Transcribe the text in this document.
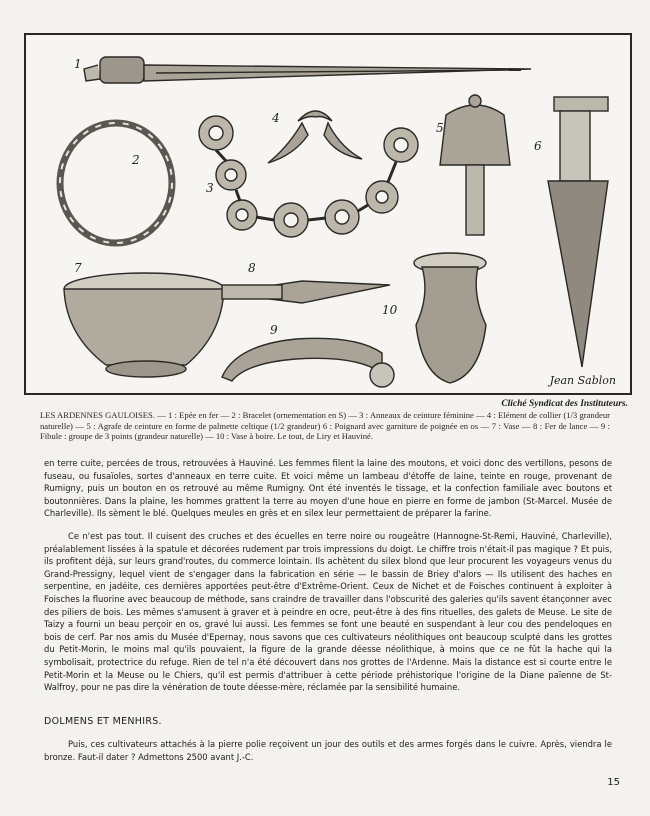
1
2
3
4
5
6
7	8
9
10
Jean Sablon
Cliché Syndicat des Instituteurs.
LES ARDENNES GAULOISES. — 1 : Epée en fer — 2 : Bracelet (ornementation en S) — 3 : Anneaux de ceinture féminine — 4 : Elément de collier (1/3 grandeur naturelle) — 5 : Agrafe de ceinture en forme de palmette celtique (1/2 grandeur) 6 : Poignard avec garniture de poignée en os — 7 : Vase — 8 : Fer de lance — 9 : Fibule : groupe de 3 points (grandeur naturelle) — 10 : Vase à boire. Le tout, de Liry et Hauviné.

en terre cuite, percées de trous, retrouvées à Hauviné. Les femmes filent la laine des moutons, et voici donc des vertillons, pesons de fuseau, ou fusaïoles, sortes d'anneaux en terre cuite. Et voici même un lambeau d'étoffe de laine, teinte en rouge, provenant de Rumigny, puis un bouton en os retrouvé au même Rumigny. Ont été inventés le tissage, et la confection familiale avec boutons et boutonnières. Dans la plaine, les hommes grattent la terre au moyen d'une houe en pierre en forme de jambon (St-Marcel. Musée de Charleville). Ils sèment le blé. Quelques meules en grès et en silex leur permettaient de préparer la farine.

Ce n'est pas tout. Il cuisent des cruches et des écuelles en terre noire ou rougeâtre (Hannogne-St-Remi, Hauviné, Charleville), préalablement lissées à la spatule et décorées rudement par trois impressions du doigt. Le chiffre trois n'était-il pas magique ? Et puis, ils profitent déjà, sur leurs grand'routes, du commerce lointain. Ils achètent du silex blond que leur procurent les voyageurs venus du Grand-Pressigny, lequel vient de s'engager dans la fabrication en série — le bassin de Briey d'alors — Ils utilisent des haches en serpentine, en jadéite, ces dernières apportées peut-être d'Extrême-Orient. Ceux de Nichet et de Foisches continuent à exploiter à Foisches la fluorine avec beaucoup de méthode, sans craindre de travailler dans l'obscurité des galeries qu'ils savent étançonner avec des piliers de bois. Les mêmes s'amusent à graver et à peindre en ocre, peut-être à des fins rituelles, des galets de Meuse. Le site de Taizy a fourni un beau perçoir en os, gravé lui aussi. Les femmes se font une beauté en suspendant à leur cou des pendeloques en bois de cerf. Par nos amis du Musée d'Epernay, nous savons que ces cultivateurs néolithiques ont beaucoup sculpté dans les grottes du Petit-Morin, le moins mal qu'ils pouvaient, la figure de la grande déesse néolithique, à moins que ce ne fût la hache qui la symbolisait, protectrice du refuge. Rien de tel n'a été découvert dans nos grottes de l'Ardenne. Mais la distance est si courte entre le Petit-Morin et la Meuse ou le Chiers, qu'il est permis d'attribuer à cette période préhistorique l'origine de la Diane païenne de St-Walfroy, pour ne pas dire la vénération de toute déesse-mère, réclamée par la sensibilité humaine.

DOLMENS ET MENHIRS.

Puis, ces cultivateurs attachés à la pierre polie reçoivent un jour des outils et des armes forgés dans le cuivre. Après, viendra le bronze. Faut-il dater ? Admettons 2500 avant J.-C.

15
